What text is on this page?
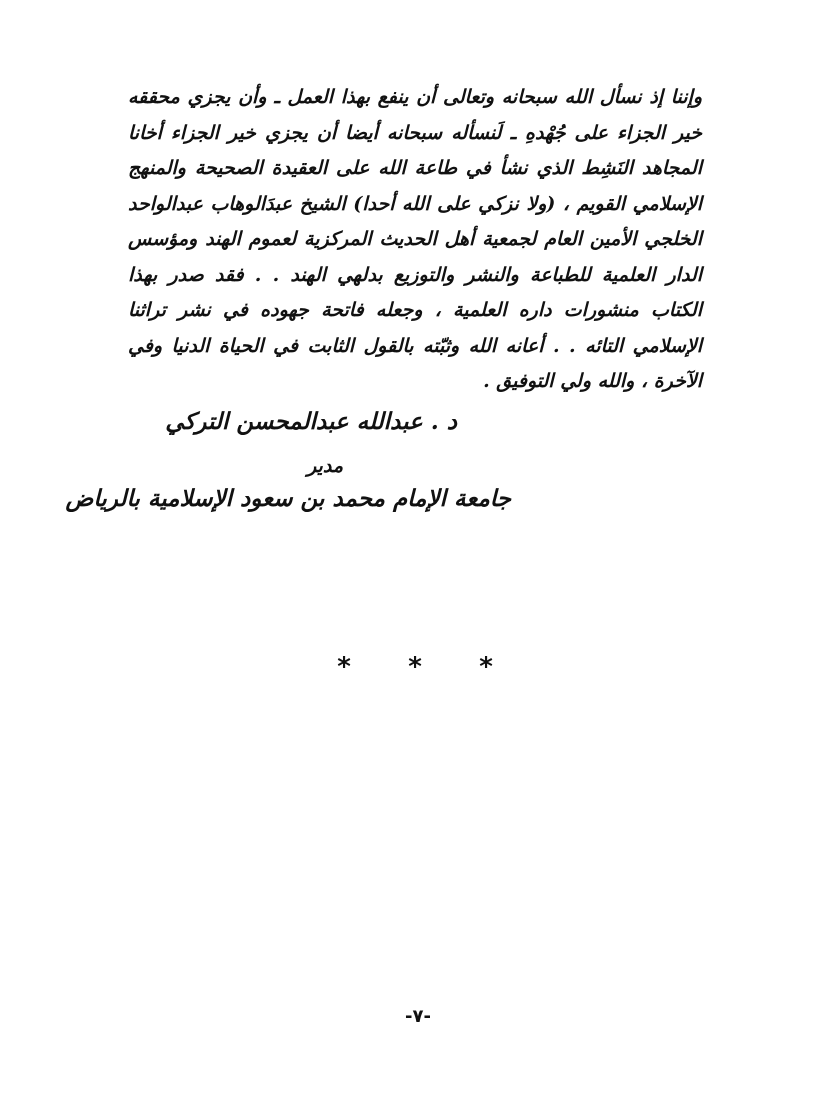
وإننا إذ نسأل الله سبحانه وتعالى أن ينفع بهذا العمل ـ وأن يجزي محققه خير الجزاء على جُهْدهِ ـ لَنسأله سبحانه أيضا أن يجزي خير الجزاء أخانا المجاهد النَشِط الذي نشأ في طاعة الله على العقيدة الصحيحة والمنهج الإسلامي القويم ، (ولا نزكي على الله أحدا) الشيخ عبدَالوهاب عبدالواحد الخلجي الأمين العام لجمعية أهل الحديث المركزية لعموم الهند ومؤسس الدار العلمية للطباعة والنشر والتوزيع بدلهي الهند . . فقد صدر بهذا الكتاب منشورات داره العلمية ، وجعله فاتحة جهوده في نشر تراثنا الإسلامي التائه . . أعانه الله وثبّته بالقول الثابت في الحياة الدنيا وفي الآخرة ، والله ولي التوفيق .

د . عبدالله عبدالمحسن التركي

مدير

جامعة الإمام محمد بن سعود الإسلامية بالرياض

* * *
-٧-
